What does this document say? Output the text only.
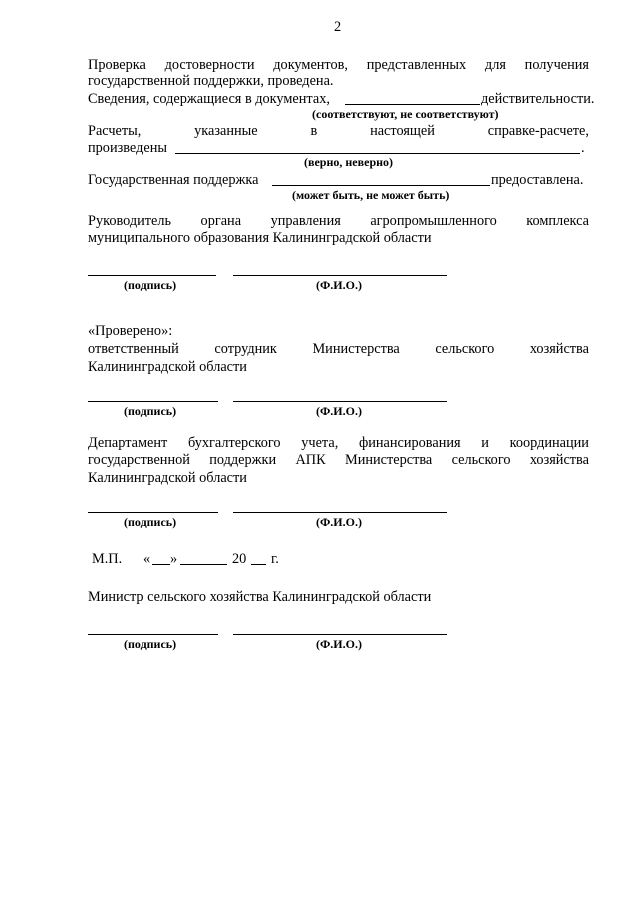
2
Проверка достоверности документов, представленных для получения
государственной поддержки, проведена.
Сведения, содержащиеся в документах,	действительности.
(соответствуют, не соответствуют)
Расчеты,	указанные	в	настоящей	справке-расчете,
произведены	.
(верно, неверно)
Государственная поддержка	предоставлена.
(может быть, не может быть)
Руководитель органа управления агропромышленного комплекса
муниципального образования Калининградской области
(подпись)	(Ф.И.О.)
«Проверено»:
ответственный сотрудник Министерства сельского хозяйства
Калининградской области
(подпись)	(Ф.И.О.)
Департамент бухгалтерского учета, финансирования и координации
государственной поддержки АПК Министерства сельского хозяйства
Калининградской области
(подпись)	(Ф.И.О.)
М.П. « »	20 г.
Министр сельского хозяйства Калининградской области
(подпись)	(Ф.И.О.)
